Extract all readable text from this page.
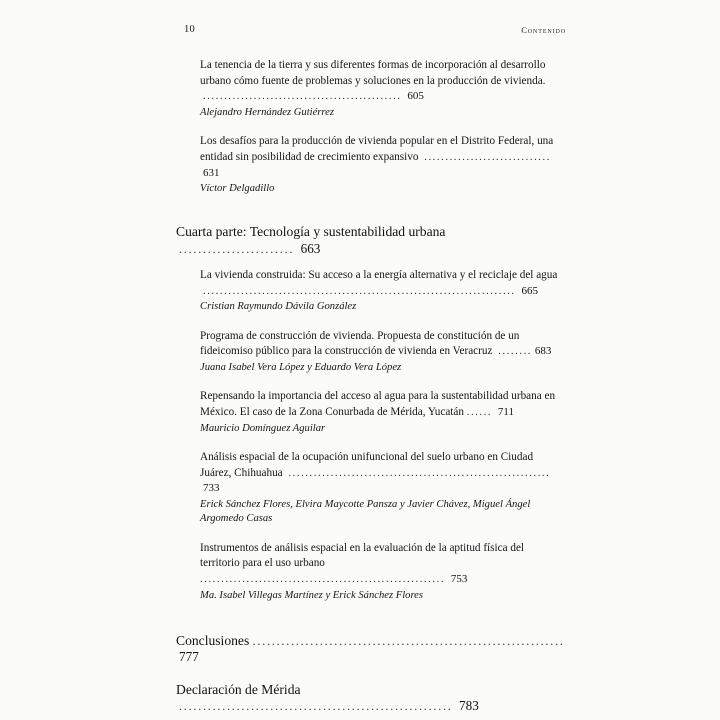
10	Contenido
La tenencia de la tierra y sus diferentes formas de incorporación al desarrollo urbano cómo fuente de problemas y soluciones en la producción de vivienda. ............................................... 605
Alejandro Hernández Gutiérrez
Los desafíos para la producción de vivienda popular en el Distrito Federal, una entidad sin posibilidad de crecimiento expansivo .............................. 631
Víctor Delgadillo
Cuarta parte: Tecnología y sustentabilidad urbana ........................ 663
La vivienda construida: Su acceso a la energía alternativa y el reciclaje del agua .......................................................................... 665
Cristian Raymundo Dávila González
Programa de construcción de vivienda. Propuesta de constitución de un fideicomiso público para la construcción de vivienda en Veracruz ........ 683
Juana Isabel Vera López y Eduardo Vera López
Repensando la importancia del acceso al agua para la sustentabilidad urbana en México. El caso de la Zona Conurbada de Mérida, Yucatán ...... 711
Mauricio Domínguez Aguilar
Análisis espacial de la ocupación unifuncional del suelo urbano en Ciudad Juárez, Chihuahua .............................................................. 733
Erick Sánchez Flores, Elvira Maycotte Pansza y Javier Chávez, Miguel Ángel Argomedo Casas
Instrumentos de análisis espacial en la evaluación de la aptitud física del territorio para el uso urbano .......................................................... 753
Ma. Isabel Villegas Martínez y Erick Sánchez Flores
Conclusiones ................................................................. 777
Declaración de Mérida ......................................................... 783
